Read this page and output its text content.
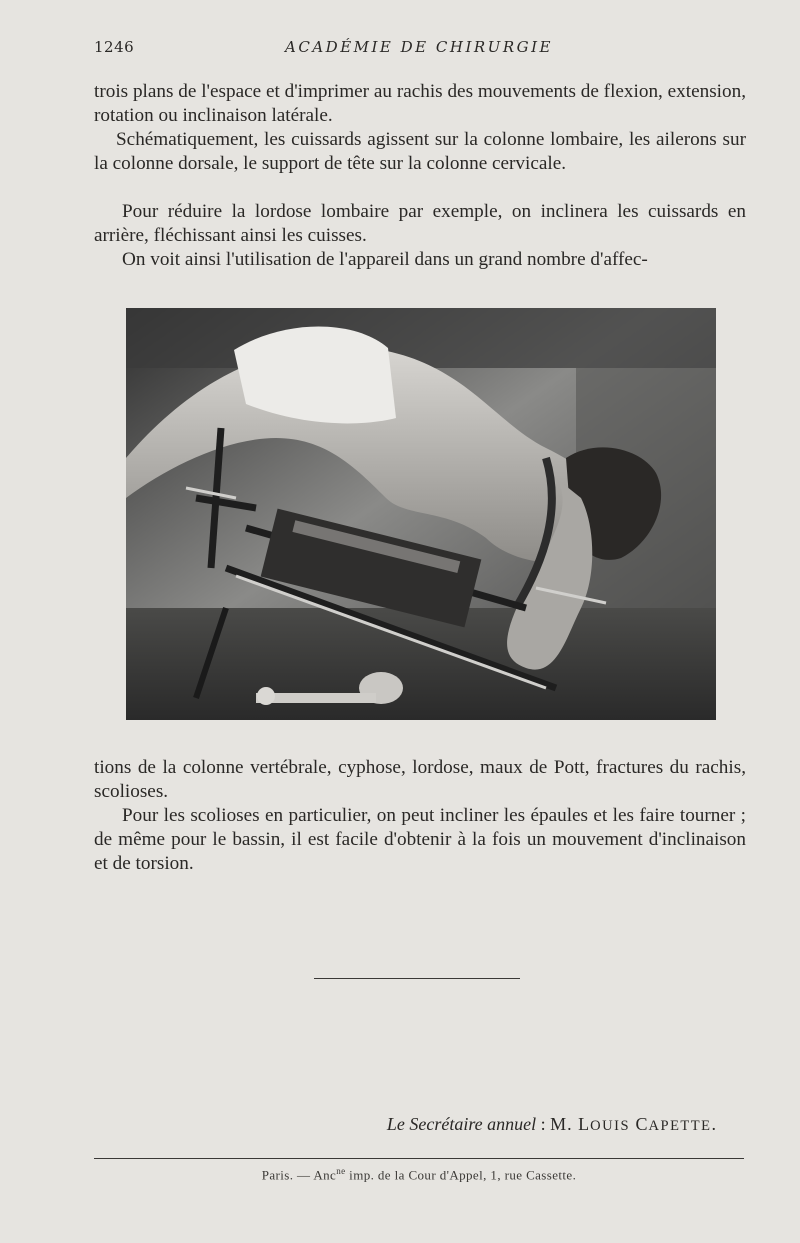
1246	ACADÉMIE DE CHIRURGIE
trois plans de l'espace et d'imprimer au rachis des mouvements de flexion, extension, rotation ou inclinaison latérale.
Schématiquement, les cuissards agissent sur la colonne lombaire, les ailerons sur la colonne dorsale, le support de tête sur la colonne cervicale.
Pour réduire la lordose lombaire par exemple, on inclinera les cuissards en arrière, fléchissant ainsi les cuisses.
On voit ainsi l'utilisation de l'appareil dans un grand nombre d'affec-
tions de la colonne vertébrale, cyphose, lordose, maux de Pott, fractures du rachis, scolioses.
Pour les scolioses en particulier, on peut incliner les épaules et les faire tourner ; de même pour le bassin, il est facile d'obtenir à la fois un mouvement d'inclinaison et de torsion.
Le Secrétaire annuel : M. LOUIS CAPETTE.
Paris. — Anc$^{ne}$ imp. de la Cour d'Appel, 1, rue Cassette.
